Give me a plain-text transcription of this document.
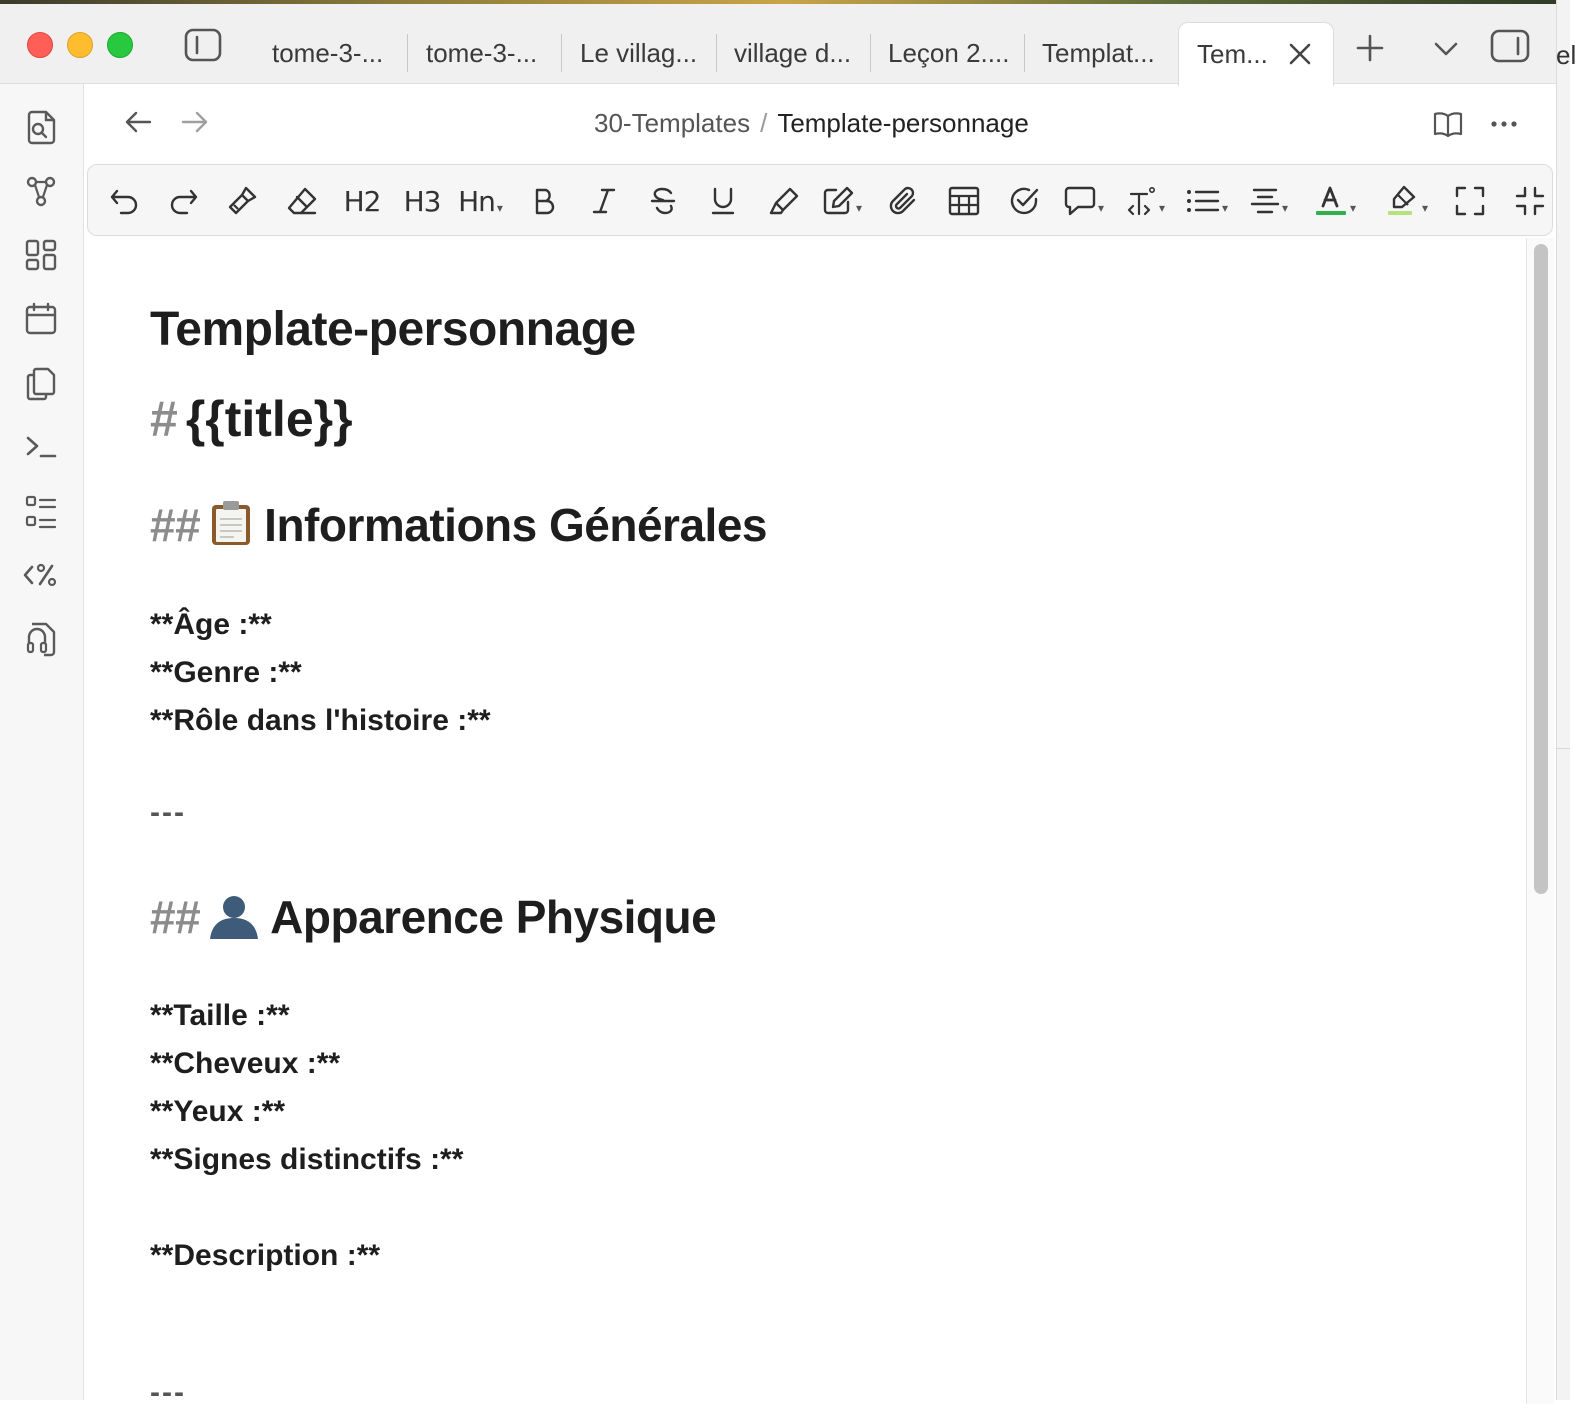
el
tome-3-... tome-3-... Le villag... village d... Leçon 2.... Templat... Tem...
30-Templates / Template-personnage
H2 H3 Hn ▾	▾	▾	▾	▾	▾	▾	▾
Template-personnage
# {{title}}
## Informations Générales
**Âge :**
**Genre :**
**Rôle dans l'histoire :**
---
## Apparence Physique
**Taille :**
**Cheveux :**
**Yeux :**
**Signes distinctifs :**
**Description :**
---
